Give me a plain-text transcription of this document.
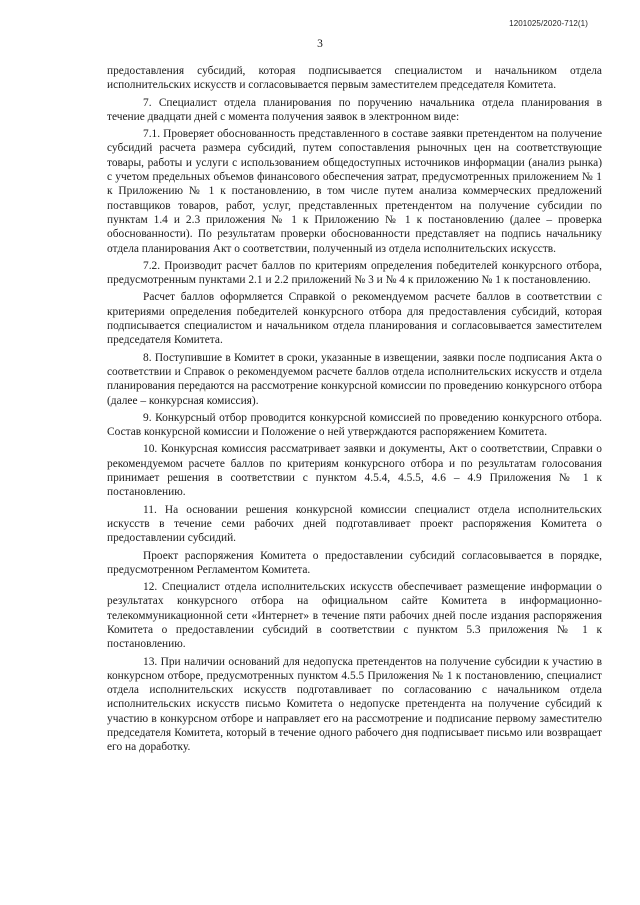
1201025/2020-712(1)
3

предоставления субсидий, которая подписывается специалистом и начальником отдела исполнительских искусств и согласовывается первым заместителем председателя Комитета.

7. Специалист отдела планирования по поручению начальника отдела планирования в течение двадцати дней с момента получения заявок в электронном виде:

7.1. Проверяет обоснованность представленного в составе заявки претендентом на получение субсидий расчета размера субсидий, путем сопоставления рыночных цен на соответствующие товары, работы и услуги с использованием общедоступных источников информации (анализ рынка) с учетом предельных объемов финансового обеспечения затрат, предусмотренных приложением № 1 к Приложению № 1 к постановлению, в том числе путем анализа коммерческих предложений поставщиков товаров, работ, услуг, представленных претендентом на получение субсидии по пунктам 1.4 и 2.3 приложения № 1 к Приложению № 1 к постановлению (далее – проверка обоснованности). По результатам проверки обоснованности представляет на подпись начальнику отдела планирования Акт о соответствии, полученный из отдела исполнительских искусств.

7.2. Производит расчет баллов по критериям определения победителей конкурсного отбора, предусмотренным пунктами 2.1 и 2.2 приложений № 3 и № 4 к приложению № 1 к постановлению.

Расчет баллов оформляется Справкой о рекомендуемом расчете баллов в соответствии с критериями определения победителей конкурсного отбора для предоставления субсидий, которая подписывается специалистом и начальником отдела планирования и согласовывается заместителем председателя Комитета.

8. Поступившие в Комитет в сроки, указанные в извещении, заявки после подписания Акта о соответствии и Справок о рекомендуемом расчете баллов отдела исполнительских искусств и отдела планирования передаются на рассмотрение конкурсной комиссии по проведению конкурсного отбора (далее – конкурсная комиссия).

9. Конкурсный отбор проводится конкурсной комиссией по проведению конкурсного отбора. Состав конкурсной комиссии и Положение о ней утверждаются распоряжением Комитета.

10. Конкурсная комиссия рассматривает заявки и документы, Акт о соответствии, Справки о рекомендуемом расчете баллов по критериям конкурсного отбора и по результатам голосования принимает решения в соответствии с пунктом 4.5.4, 4.5.5, 4.6 – 4.9 Приложения № 1 к постановлению.

11. На основании решения конкурсной комиссии специалист отдела исполнительских искусств в течение семи рабочих дней подготавливает проект распоряжения Комитета о предоставлении субсидий.

Проект распоряжения Комитета о предоставлении субсидий согласовывается в порядке, предусмотренном Регламентом Комитета.

12. Специалист отдела исполнительских искусств обеспечивает размещение информации о результатах конкурсного отбора на официальном сайте Комитета в информационно-телекоммуникационной сети «Интернет» в течение пяти рабочих дней после издания распоряжения Комитета о предоставлении субсидий в соответствии с пунктом 5.3 приложения № 1 к постановлению.

13. При наличии оснований для недопуска претендентов на получение субсидии к участию в конкурсном отборе, предусмотренных пунктом 4.5.5 Приложения № 1 к постановлению, специалист отдела исполнительских искусств подготавливает по согласованию с начальником отдела исполнительских искусств письмо Комитета о недопуске претендента на получение субсидий к участию в конкурсном отборе и направляет его на рассмотрение и подписание первому заместителю председателя Комитета, который в течение одного рабочего дня подписывает письмо или возвращает его на доработку.
